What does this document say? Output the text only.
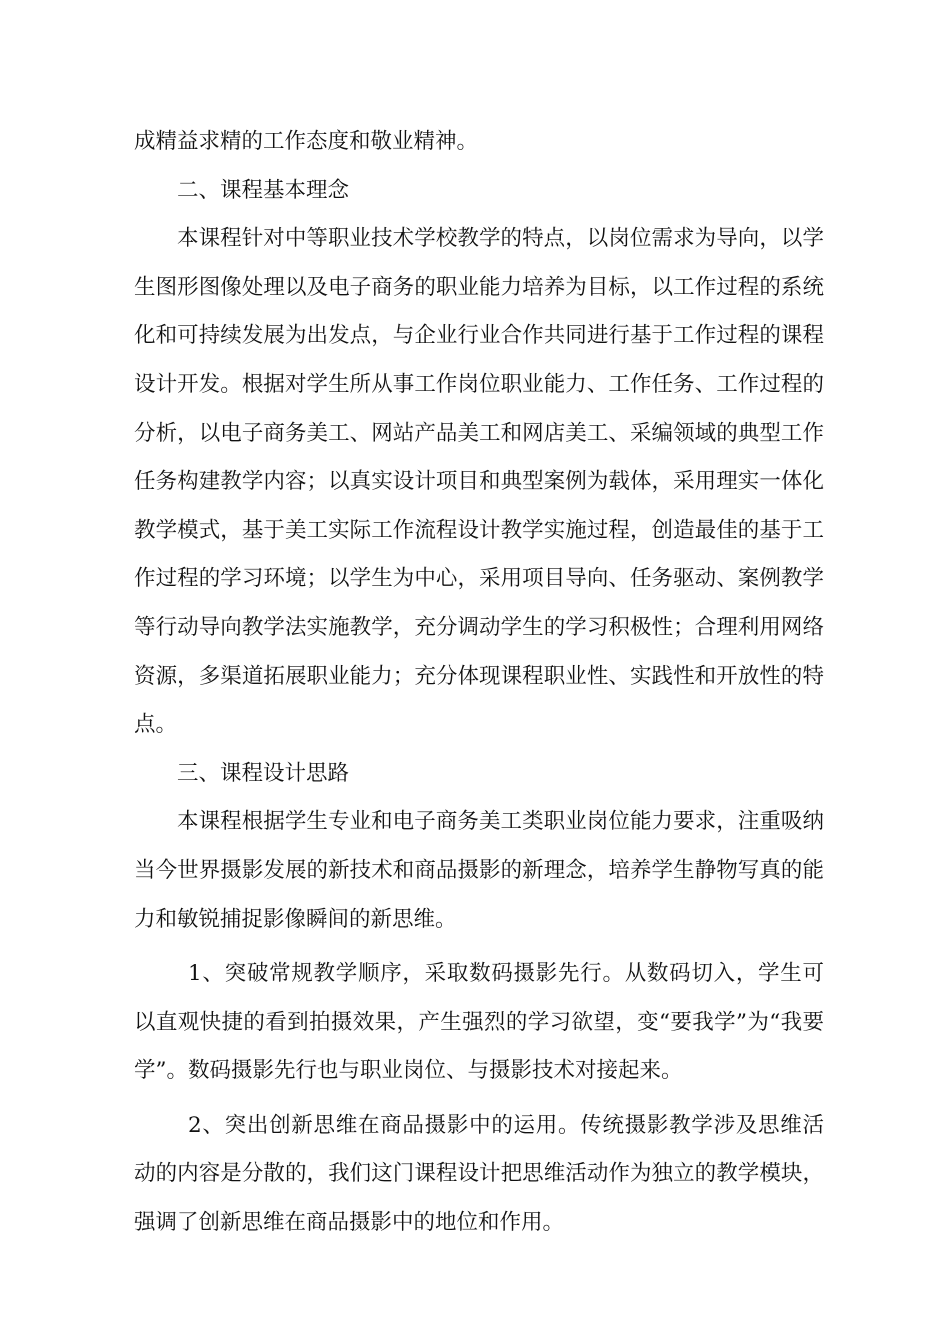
成精益求精的工作态度和敬业精神。

二、课程基本理念

本课程针对中等职业技术学校教学的特点，以岗位需求为导向，以学生图形图像处理以及电子商务的职业能力培养为目标，以工作过程的系统化和可持续发展为出发点，与企业行业合作共同进行基于工作过程的课程设计开发。根据对学生所从事工作岗位职业能力、工作任务、工作过程的分析，以电子商务美工、网站产品美工和网店美工、采编领域的典型工作任务构建教学内容；以真实设计项目和典型案例为载体，采用理实一体化教学模式，基于美工实际工作流程设计教学实施过程，创造最佳的基于工作过程的学习环境；以学生为中心，采用项目导向、任务驱动、案例教学等行动导向教学法实施教学，充分调动学生的学习积极性；合理利用网络资源，多渠道拓展职业能力；充分体现课程职业性、实践性和开放性的特点。

三、课程设计思路

本课程根据学生专业和电子商务美工类职业岗位能力要求，注重吸纳当今世界摄影发展的新技术和商品摄影的新理念，培养学生静物写真的能力和敏锐捕捉影像瞬间的新思维。

1、突破常规教学顺序，采取数码摄影先行。从数码切入，学生可以直观快捷的看到拍摄效果，产生强烈的学习欲望，变“要我学”为“我要学”。数码摄影先行也与职业岗位、与摄影技术对接起来。

2、突出创新思维在商品摄影中的运用。传统摄影教学涉及思维活动的内容是分散的，我们这门课程设计把思维活动作为独立的教学模块，强调了创新思维在商品摄影中的地位和作用。
